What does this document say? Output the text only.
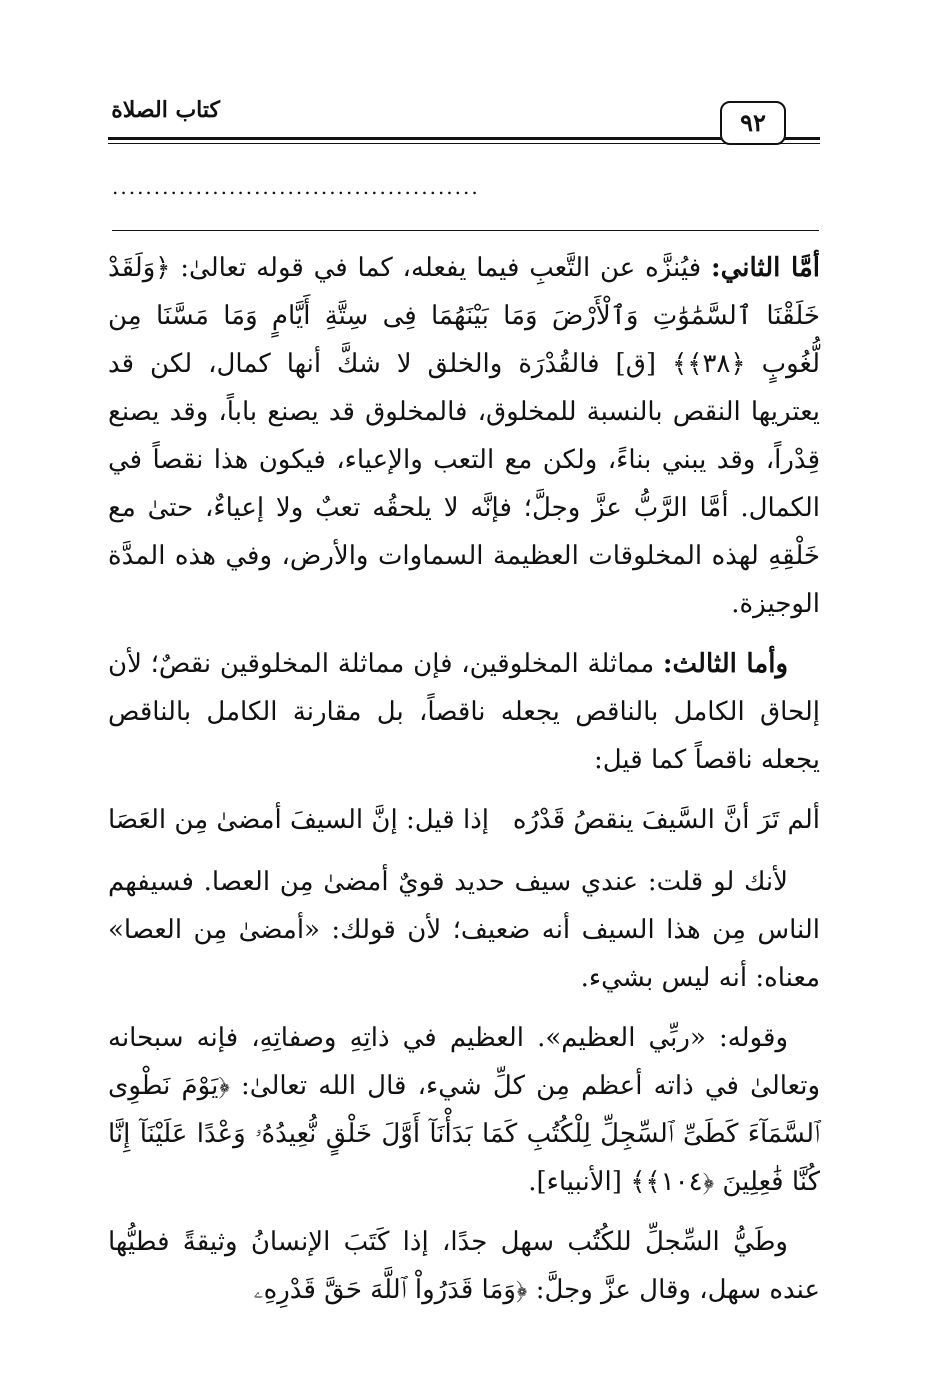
كتاب الصلاة	٩٢
............................................

أمَّا الثاني: فيُنزَّه عن التَّعبِ فيما يفعله، كما في قوله تعالىٰ: ﴿وَلَقَدْ خَلَقْنَا ٱلسَّمَٰوَٰتِ وَٱلْأَرْضَ وَمَا بَيْنَهُمَا فِى سِتَّةِ أَيَّامٍ وَمَا مَسَّنَا مِن لُّغُوبٍ ﴿٣٨﴾﴾ [ق] فالقُدْرَة والخلق لا شكَّ أنها كمال، لكن قد يعتريها النقص بالنسبة للمخلوق، فالمخلوق قد يصنع باباً، وقد يصنع قِدْراً، وقد يبني بناءً، ولكن مع التعب والإعياء، فيكون هذا نقصاً في الكمال. أمَّا الرَّبُّ عزَّ وجلَّ؛ فإنَّه لا يلحقُه تعبٌ ولا إعياءٌ، حتىٰ مع خَلْقِهِ لهذه المخلوقات العظيمة السماوات والأرض، وفي هذه المدَّة الوجيزة.

وأما الثالث: مماثلة المخلوقين، فإن مماثلة المخلوقين نقصٌ؛ لأن إلحاق الكامل بالناقص يجعله ناقصاً، بل مقارنة الكامل بالناقص يجعله ناقصاً كما قيل:

ألم تَرَ أنَّ السَّيفَ ينقصُ قَدْرُه
إذا قيل: إنَّ السيفَ أمضىٰ مِن العَصَا

لأنك لو قلت: عندي سيف حديد قويٌ أمضىٰ مِن العصا. فسيفهم الناس مِن هذا السيف أنه ضعيف؛ لأن قولك: «أمضىٰ مِن العصا» معناه: أنه ليس بشيء.

وقوله: «ربِّي العظيم». العظيم في ذاتِهِ وصفاتِهِ، فإنه سبحانه وتعالىٰ في ذاته أعظم مِن كلِّ شيء، قال الله تعالىٰ: ﴿يَوْمَ نَطْوِى ٱلسَّمَآءَ كَطَىِّ ٱلسِّجِلِّ لِلْكُتُبِ كَمَا بَدَأْنَآ أَوَّلَ خَلْقٍ نُّعِيدُهُۥ وَعْدًا عَلَيْنَآ إِنَّا كُنَّا فَٰعِلِينَ ﴿١٠٤﴾﴾ [الأنبياء].

وطَيُّ السِّجلِّ للكُتُب سهل جدًا، إذا كَتَبَ الإنسانُ وثيقةً فطيُّها عنده سهل، وقال عزَّ وجلَّ: ﴿وَمَا قَدَرُواْ ٱللَّهَ حَقَّ قَدْرِهِۦ
